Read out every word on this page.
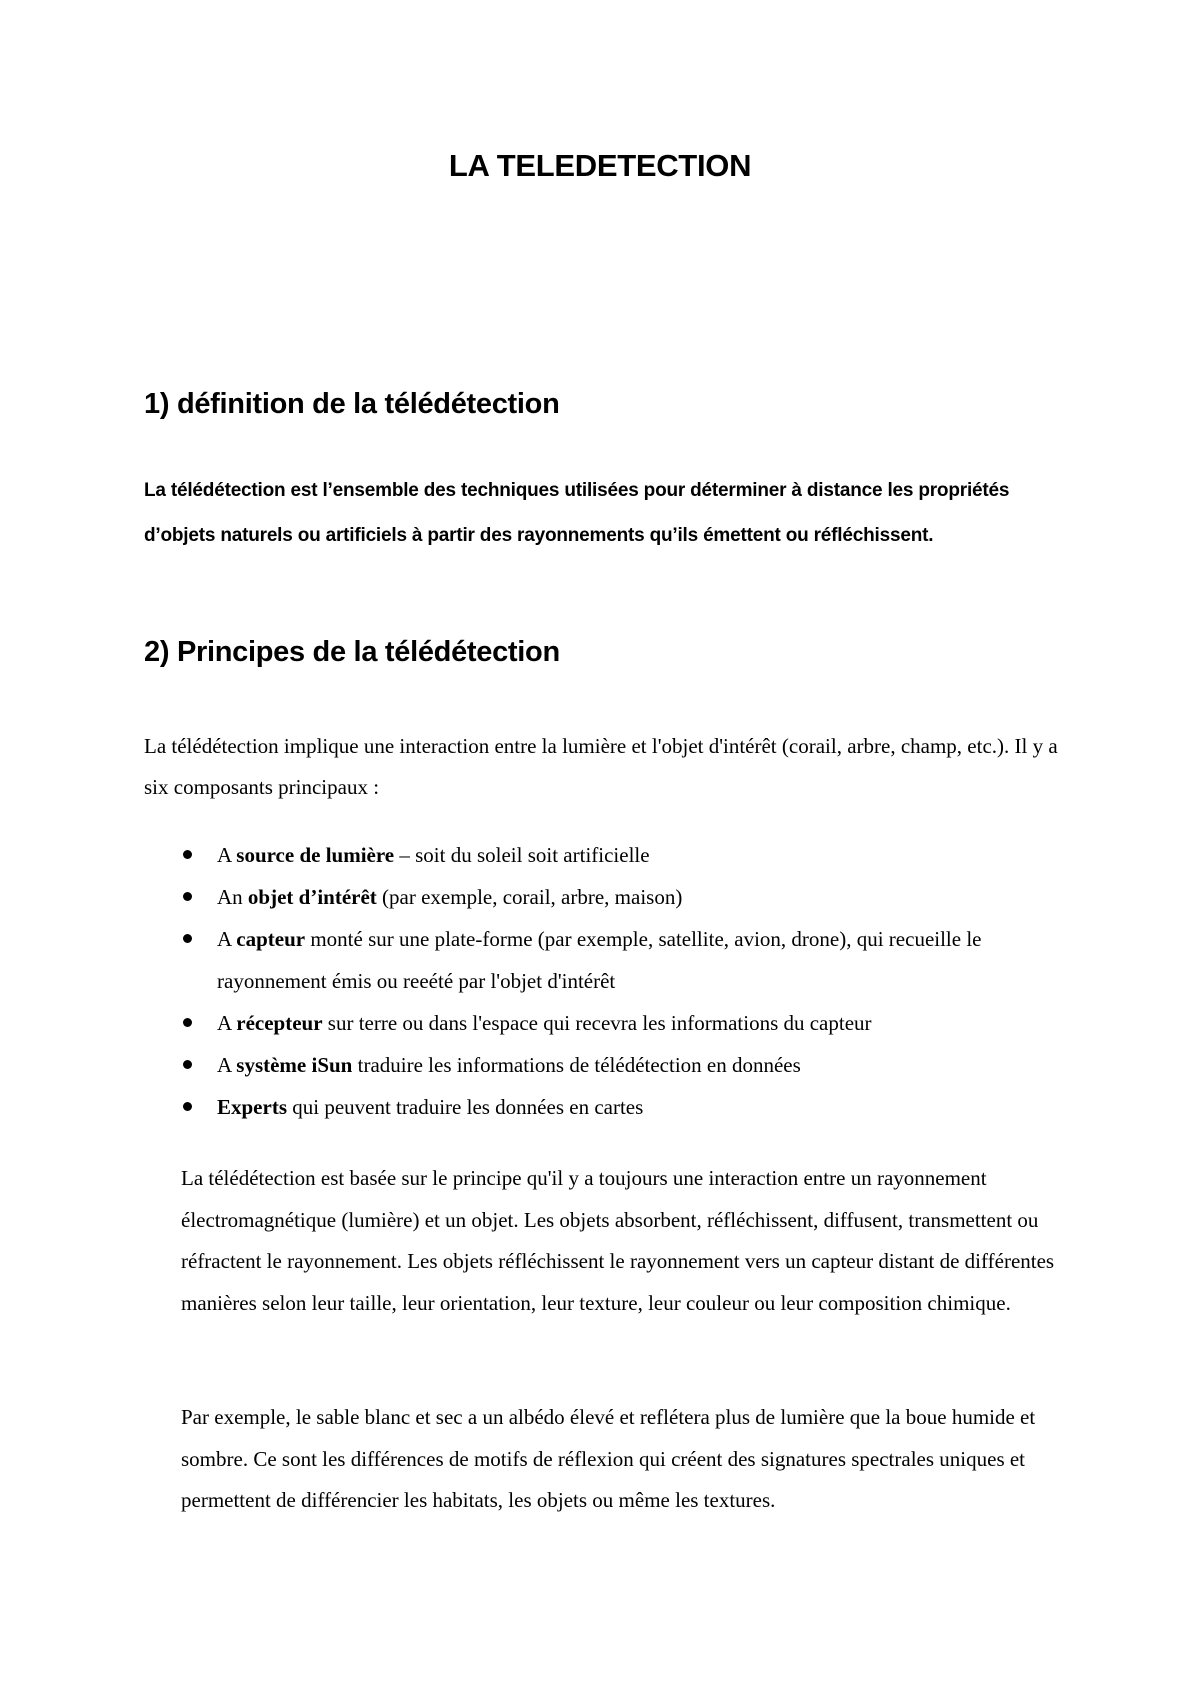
LA TELEDETECTION
1) définition de la télédétection

La télédétection est l’ensemble des techniques utilisées pour déterminer à distance les propriétés d’objets naturels ou artificiels à partir des rayonnements qu’ils émettent ou réfléchissent.

2) Principes de la télédétection

La télédétection implique une interaction entre la lumière et l'objet d'intérêt (corail, arbre, champ, etc.). Il y a six composants principaux :

A source de lumière – soit du soleil soit artificielle
An objet d’intérêt (par exemple, corail, arbre, maison)
A capteur monté sur une plate-forme (par exemple, satellite, avion, drone), qui recueille le rayonnement émis ou reeété par l'objet d'intérêt
A récepteur sur terre ou dans l'espace qui recevra les informations du capteur
A système iSun traduire les informations de télédétection en données
Experts qui peuvent traduire les données en cartes

La télédétection est basée sur le principe qu'il y a toujours une interaction entre un rayonnement électromagnétique (lumière) et un objet. Les objets absorbent, réfléchissent, diffusent, transmettent ou réfractent le rayonnement. Les objets réfléchissent le rayonnement vers un capteur distant de différentes manières selon leur taille, leur orientation, leur texture, leur couleur ou leur composition chimique.

Par exemple, le sable blanc et sec a un albédo élevé et reflétera plus de lumière que la boue humide et sombre. Ce sont les différences de motifs de réflexion qui créent des signatures spectrales uniques et permettent de différencier les habitats, les objets ou même les textures.
